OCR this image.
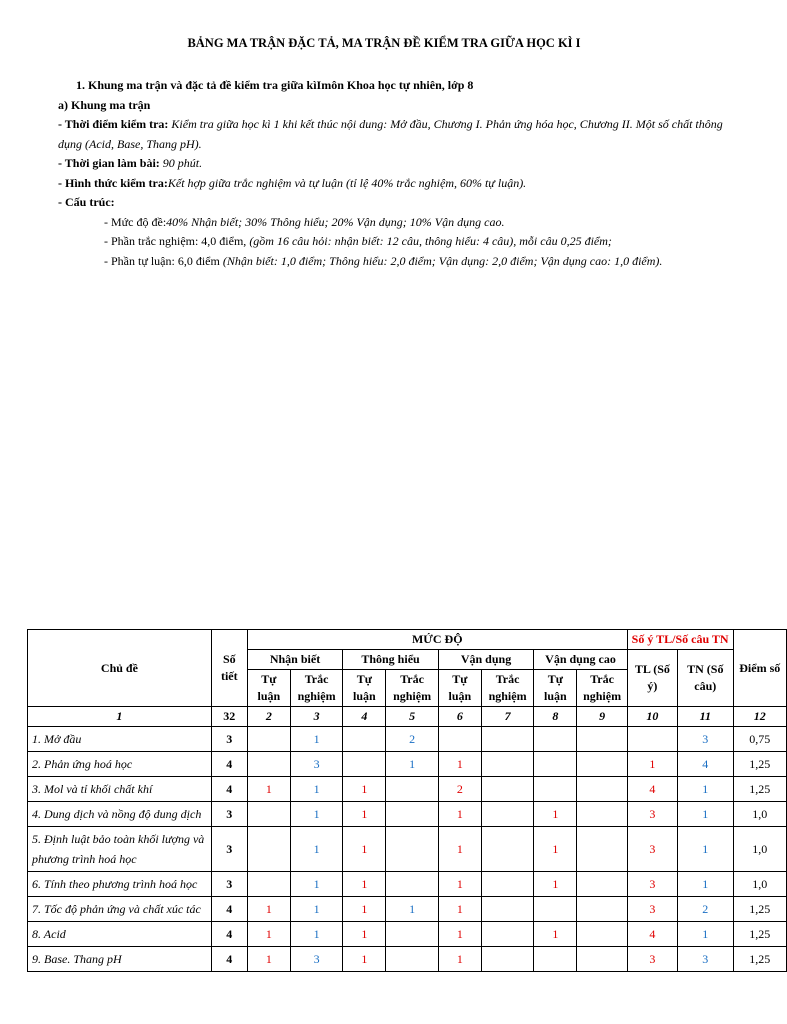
BẢNG MA TRẬN ĐẶC TẢ, MA TRẬN ĐỀ KIỂM TRA GIỮA HỌC KÌ I

1. Khung ma trận và đặc tả đề kiểm tra giữa kìImôn Khoa học tự nhiên, lớp 8

a) Khung ma trận

- Thời điểm kiểm tra: Kiểm tra giữa học kì 1 khi kết thúc nội dung: Mở đầu, Chương I. Phản ứng hóa học, Chương II. Một số chất thông dụng (Acid, Base, Thang pH).

- Thời gian làm bài: 90 phút.

- Hình thức kiểm tra:Kết hợp giữa trắc nghiệm và tự luận (tỉ lệ 40% trắc nghiệm, 60% tự luận).

- Cấu trúc:

- Mức độ đề:40% Nhận biết; 30% Thông hiểu; 20% Vận dụng; 10% Vận dụng cao.

- Phần trắc nghiệm: 4,0 điểm, (gồm 16 câu hỏi: nhận biết: 12 câu, thông hiểu: 4 câu), mỗi câu 0,25 điểm;

- Phần tự luận: 6,0 điểm (Nhận biết: 1,0 điểm; Thông hiểu: 2,0 điểm; Vận dụng: 2,0 điểm; Vận dụng cao: 1,0 điểm).

Chủ đề	Số tiết	MỨC ĐỘ								Số ý TL/Số câu TN		Điểm số
		Nhận biết		Thông hiểu		Vận dụng		Vận dụng cao		TL (Số ý)	TN (Số câu)	
		Tự luận	Trắc nghiệm	Tự luận	Trắc nghiệm	Tự luận	Trắc nghiệm	Tự luận	Trắc nghiệm			
1	32	2	3	4	5	6	7	8	9	10	11	12
1. Mở đầu	3		1		2						3	0,75
2. Phản ứng hoá học	4		3		1	1				1	4	1,25
3. Mol và tỉ khối chất khí	4	1	1	1		2				4	1	1,25
4. Dung dịch và nồng độ dung dịch	3		1	1		1		1		3	1	1,0
5. Định luật bảo toàn khối lượng và phương trình hoá học	3		1	1		1		1		3	1	1,0
6. Tính theo phương trình hoá học	3		1	1		1		1		3	1	1,0
7. Tốc độ phản ứng và chất xúc tác	4	1	1	1	1	1				3	2	1,25
8. Acid	4	1	1	1		1		1		4	1	1,25
9. Base. Thang pH	4	1	3	1		1				3	3	1,25
